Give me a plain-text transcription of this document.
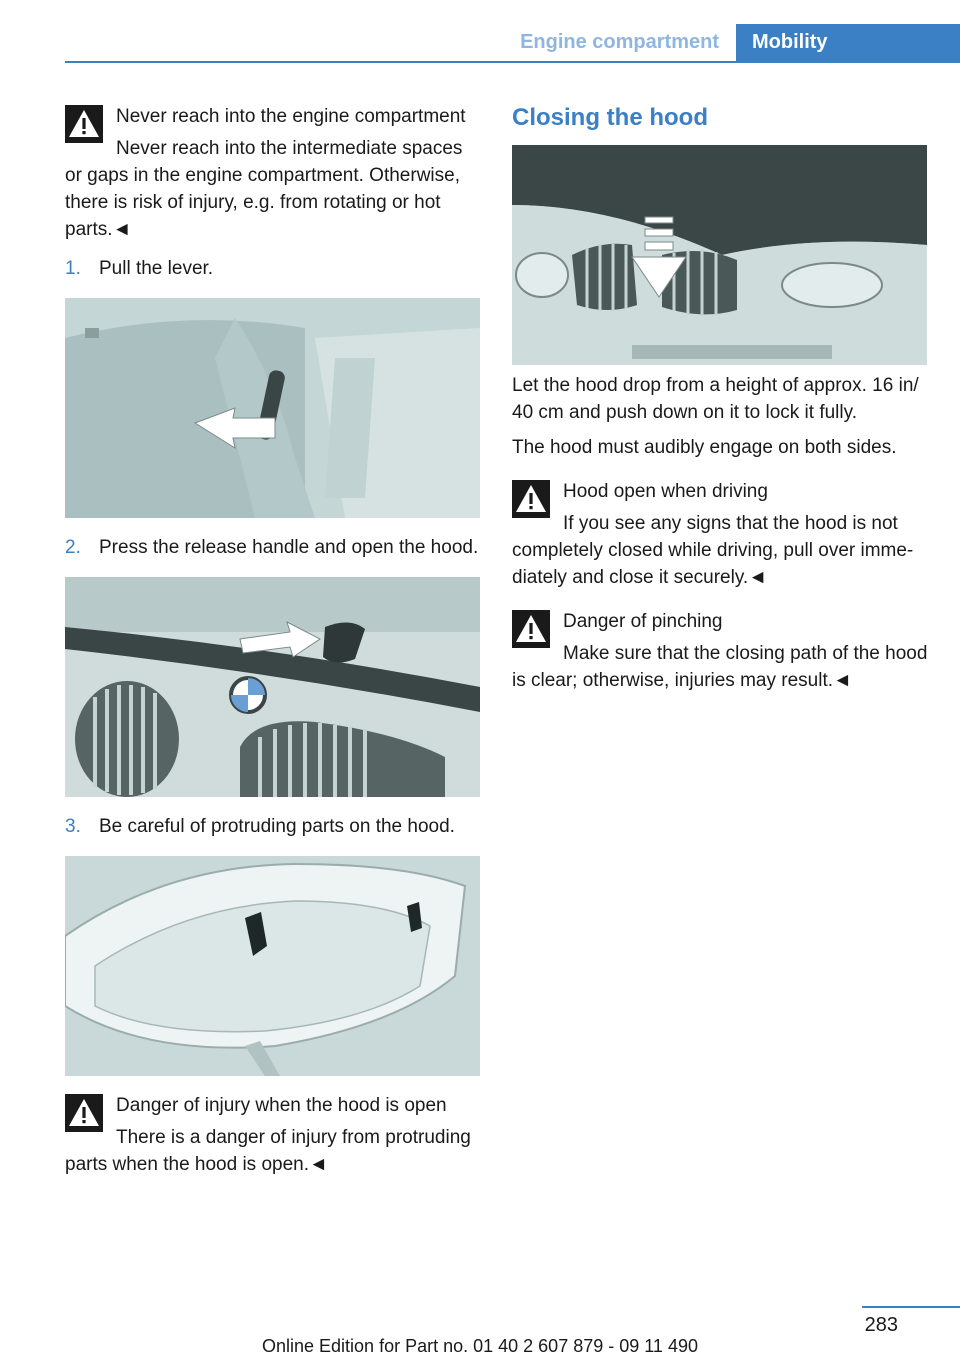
Engine compartment	Mobility
Never reach into the engine compartment

Never reach into the intermediate spaces or gaps in the engine compartment. Otherwise, there is risk of injury, e.g. from rotating or hot parts.◄

1. Pull the lever.
2. Press the release handle and open the hood.
3. Be careful of protruding parts on the hood.
Danger of injury when the hood is open

There is a danger of injury from protruding parts when the hood is open.◄

Closing the hood

Let the hood drop from a height of approx. 16 in/ 40 cm and push down on it to lock it fully.

The hood must audibly engage on both sides.

Hood open when driving

If you see any signs that the hood is not completely closed while driving, pull over imme‐ diately and close it securely.◄

Danger of pinching

Make sure that the closing path of the hood is clear; otherwise, injuries may result.◄

283
Online Edition for Part no. 01 40 2 607 879 - 09 11 490
